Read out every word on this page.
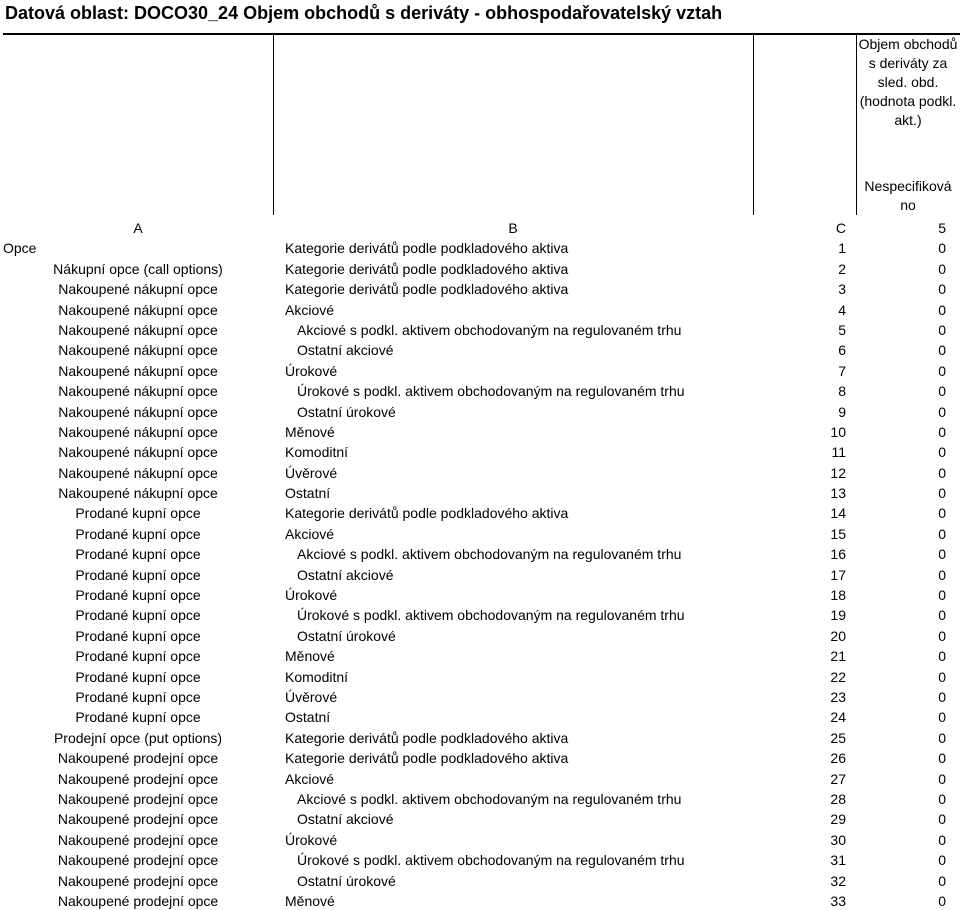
Datová oblast: DOCO30_24 Objem obchodů s deriváty - obhospodařovatelský vztah
			Objem obchodů s deriváty za sled. obd. (hodnota podkl. akt.)
			Nespecifiková no
A	B	C	5
Opce	Kategorie derivátů podle podkladového aktiva	1	0
Nákupní opce (call options)	Kategorie derivátů podle podkladového aktiva	2	0
Nakoupené nákupní opce	Kategorie derivátů podle podkladového aktiva	3	0
Nakoupené nákupní opce	Akciové	4	0
Nakoupené nákupní opce	Akciové s podkl. aktivem obchodovaným na regulovaném trhu	5	0
Nakoupené nákupní opce	Ostatní akciové	6	0
Nakoupené nákupní opce	Úrokové	7	0
Nakoupené nákupní opce	Úrokové s podkl. aktivem obchodovaným na regulovaném trhu	8	0
Nakoupené nákupní opce	Ostatní úrokové	9	0
Nakoupené nákupní opce	Měnové	10	0
Nakoupené nákupní opce	Komoditní	11	0
Nakoupené nákupní opce	Úvěrové	12	0
Nakoupené nákupní opce	Ostatní	13	0
Prodané kupní opce	Kategorie derivátů podle podkladového aktiva	14	0
Prodané kupní opce	Akciové	15	0
Prodané kupní opce	Akciové s podkl. aktivem obchodovaným na regulovaném trhu	16	0
Prodané kupní opce	Ostatní akciové	17	0
Prodané kupní opce	Úrokové	18	0
Prodané kupní opce	Úrokové s podkl. aktivem obchodovaným na regulovaném trhu	19	0
Prodané kupní opce	Ostatní úrokové	20	0
Prodané kupní opce	Měnové	21	0
Prodané kupní opce	Komoditní	22	0
Prodané kupní opce	Úvěrové	23	0
Prodané kupní opce	Ostatní	24	0
Prodejní opce (put options)	Kategorie derivátů podle podkladového aktiva	25	0
Nakoupené prodejní opce	Kategorie derivátů podle podkladového aktiva	26	0
Nakoupené prodejní opce	Akciové	27	0
Nakoupené prodejní opce	Akciové s podkl. aktivem obchodovaným na regulovaném trhu	28	0
Nakoupené prodejní opce	Ostatní akciové	29	0
Nakoupené prodejní opce	Úrokové	30	0
Nakoupené prodejní opce	Úrokové s podkl. aktivem obchodovaným na regulovaném trhu	31	0
Nakoupené prodejní opce	Ostatní úrokové	32	0
Nakoupené prodejní opce	Měnové	33	0
